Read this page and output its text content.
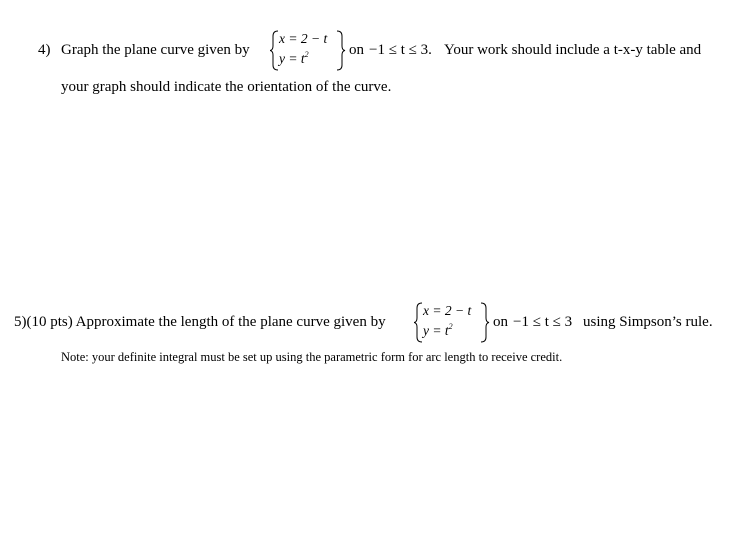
4) Graph the plane curve given by
x = 2 − t
$y = t^2$	on −1 ≤ t ≤ 3. Your work should include a t-x-y table and
your graph should indicate the orientation of the curve.
5)(10 pts) Approximate the length of the plane curve given by
x = 2 − t
$y = t^2$	on −1 ≤ t ≤ 3 using Simpson’s rule.
Note: your definite integral must be set up using the parametric form for arc length to receive credit.
